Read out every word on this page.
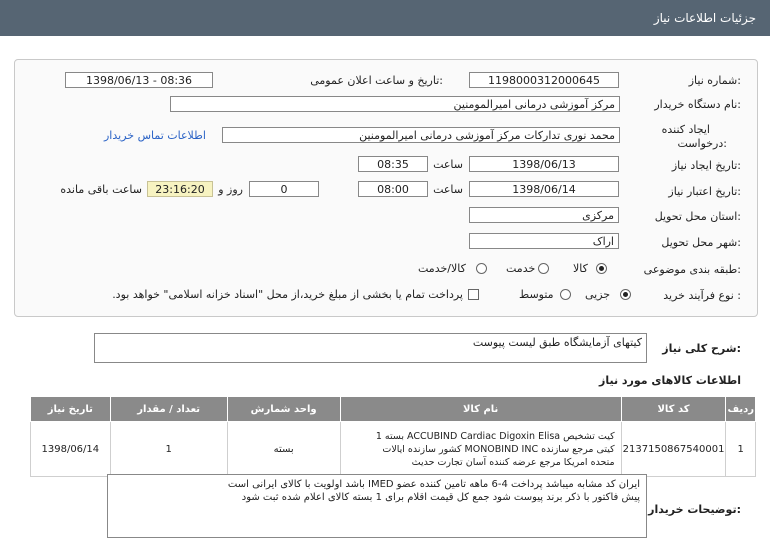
جزئیات اطلاعات نیاز
شماره نیاز:
1198000312000645
تاریخ و ساعت اعلان عمومی:
1398/06/13 - 08:36
نام دستگاه خریدار:
مرکز آموزشی درمانی امیرالمومنین
ایجاد کننده
درخواست:
محمد نوری تدارکات مرکز آموزشی درمانی امیرالمومنین
اطلاعات تماس خریدار
تاریخ ایجاد نیاز:
1398/06/13
ساعت
08:35
تاریخ اعتبار نیاز:
1398/06/14
ساعت
08:00
0
روز و
23:16:20
ساعت باقی مانده
استان محل تحویل:
مرکزی
شهر محل تحویل:
اراک
طبقه بندی موضوعی:
کالا
خدمت
کالا/خدمت
نوع فرآیند خرید :
جزیی
متوسط
پرداخت تمام یا بخشی از مبلغ خرید،از محل "اسناد خزانه اسلامی" خواهد بود.
شرح کلی نیاز:
کیتهای آزمایشگاه طبق لیست پیوست
اطلاعات کالاهای مورد نیاز
ردیف	کد کالا	نام کالا	واحد شمارش	تعداد / مقدار	تاریخ نیاز
1	2137150867540001	کیت تشخیص ACCUBIND Cardiac Digoxin Elisa بسته 1
کیتی مرجع سازنده MONOBIND INC کشور سازنده ایالات
متحده امریکا مرجع عرضه کننده آسان تجارت حدیث	بسته	1	1398/06/14
توضیحات خریدار:
ایران کد مشابه میباشد پرداخت 4-6 ماهه تامین کننده عضو IMED باشد اولویت با کالای ایرانی است
پیش فاکتور با ذکر برند پیوست شود جمع کل قیمت اقلام برای 1 بسته کالای اعلام شده ثبت شود
